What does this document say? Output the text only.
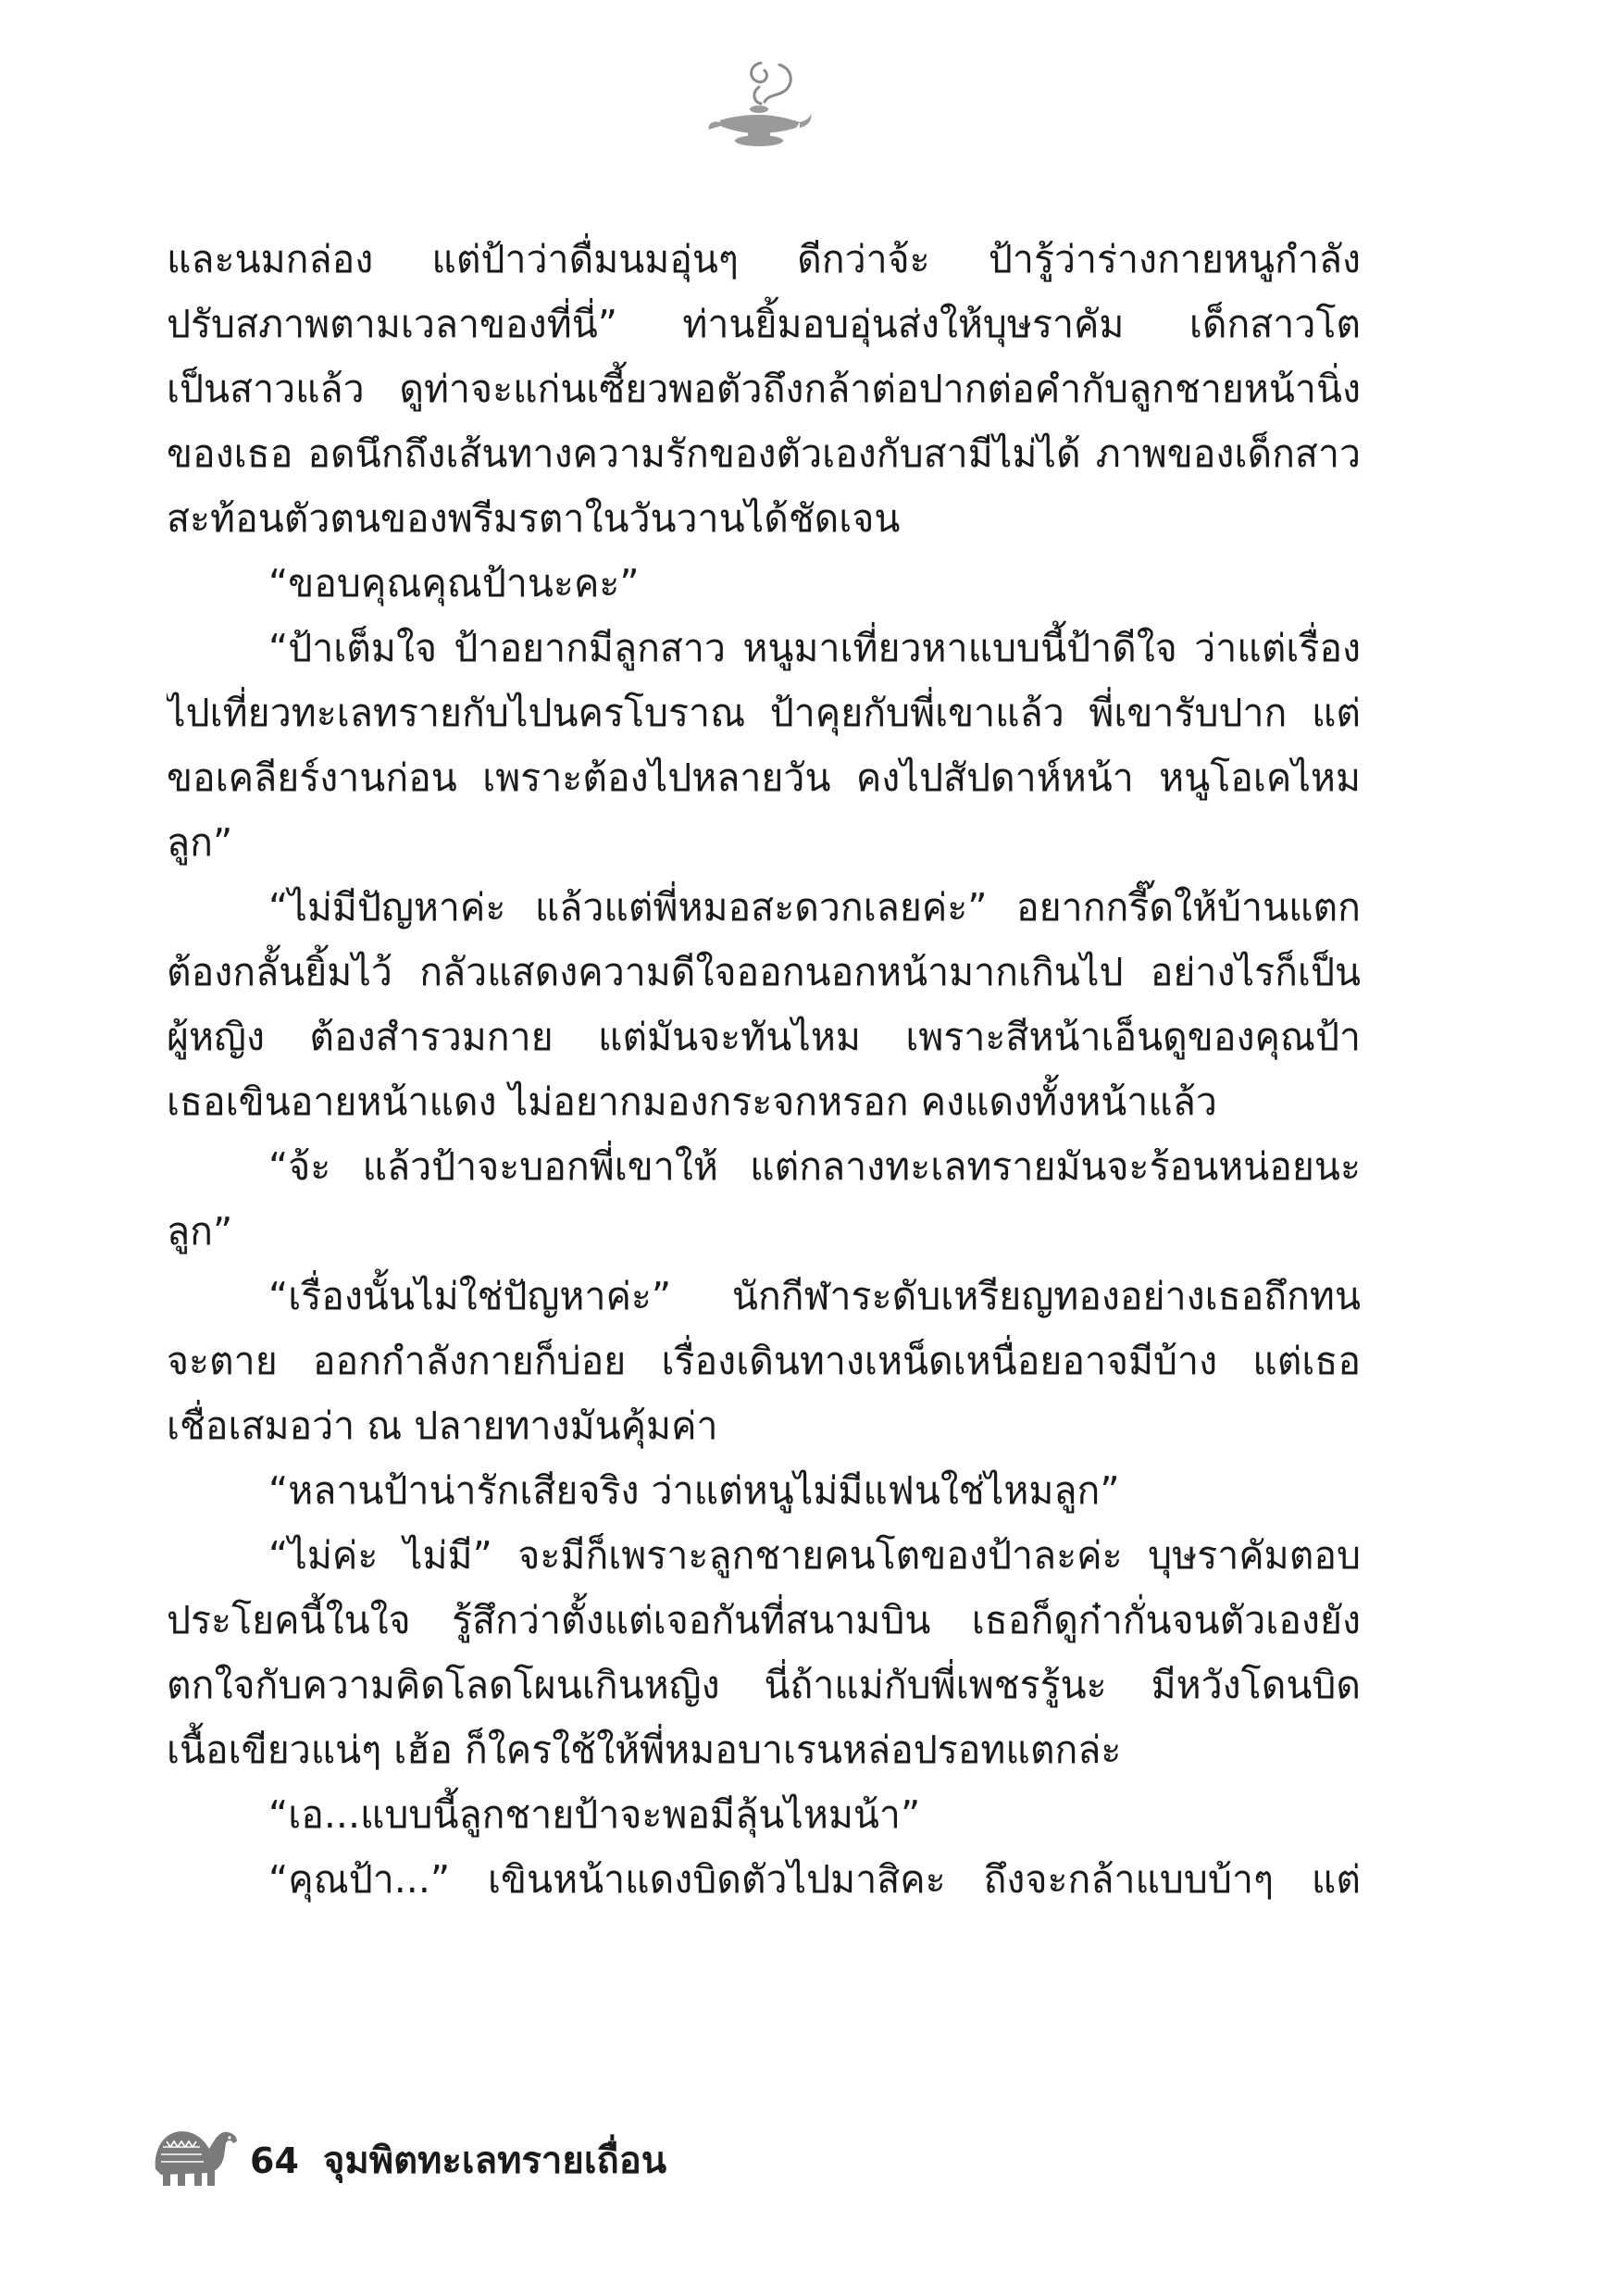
และนมกล่อง แต่ป้าว่าดื่มนมอุ่นๆ ดีกว่าจ้ะ ป้ารู้ว่าร่างกายหนูกำลัง
ปรับสภาพตามเวลาของที่นี่” ท่านยิ้มอบอุ่นส่งให้บุษราคัม เด็กสาวโต
เป็นสาวแล้ว ดูท่าจะแก่นเซี้ยวพอตัวถึงกล้าต่อปากต่อคำกับลูกชายหน้านิ่ง
ของเธอ อดนึกถึงเส้นทางความรักของตัวเองกับสามีไม่ได้ ภาพของเด็กสาว
สะท้อนตัวตนของพรีมรตาในวันวานได้ชัดเจน
“ขอบคุณคุณป้านะคะ”
“ป้าเต็มใจ ป้าอยากมีลูกสาว หนูมาเที่ยวหาแบบนี้ป้าดีใจ ว่าแต่เรื่อง
ไปเที่ยวทะเลทรายกับไปนครโบราณ ป้าคุยกับพี่เขาแล้ว พี่เขารับปาก แต่
ขอเคลียร์งานก่อน เพราะต้องไปหลายวัน คงไปสัปดาห์หน้า หนูโอเคไหม
ลูก”
“ไม่มีปัญหาค่ะ แล้วแต่พี่หมอสะดวกเลยค่ะ” อยากกรี๊ดให้บ้านแตก
ต้องกลั้นยิ้มไว้ กลัวแสดงความดีใจออกนอกหน้ามากเกินไป อย่างไรก็เป็น
ผู้หญิง ต้องสำรวมกาย แต่มันจะทันไหม เพราะสีหน้าเอ็นดูของคุณป้า
เธอเขินอายหน้าแดง ไม่อยากมองกระจกหรอก คงแดงทั้งหน้าแล้ว
“จ้ะ แล้วป้าจะบอกพี่เขาให้ แต่กลางทะเลทรายมันจะร้อนหน่อยนะ
ลูก”
“เรื่องนั้นไม่ใช่ปัญหาค่ะ” นักกีฬาระดับเหรียญทองอย่างเธอถึกทน
จะตาย ออกกำลังกายก็บ่อย เรื่องเดินทางเหน็ดเหนื่อยอาจมีบ้าง แต่เธอ
เชื่อเสมอว่า ณ ปลายทางมันคุ้มค่า
“หลานป้าน่ารักเสียจริง ว่าแต่หนูไม่มีแฟนใช่ไหมลูก”
“ไม่ค่ะ ไม่มี” จะมีก็เพราะลูกชายคนโตของป้าละค่ะ บุษราคัมตอบ
ประโยคนี้ในใจ รู้สึกว่าตั้งแต่เจอกันที่สนามบิน เธอก็ดูก๋ากั่นจนตัวเองยัง
ตกใจกับความคิดโลดโผนเกินหญิง นี่ถ้าแม่กับพี่เพชรรู้นะ มีหวังโดนบิด
เนื้อเขียวแน่ๆ เฮ้อ ก็ใครใช้ให้พี่หมอบาเรนหล่อปรอทแตกล่ะ
“เอ...แบบนี้ลูกชายป้าจะพอมีลุ้นไหมน้า”
“คุณป้า...” เขินหน้าแดงบิดตัวไปมาสิคะ ถึงจะกล้าแบบบ้าๆ แต่
64 จุมพิตทะเลทรายเถื่อน
